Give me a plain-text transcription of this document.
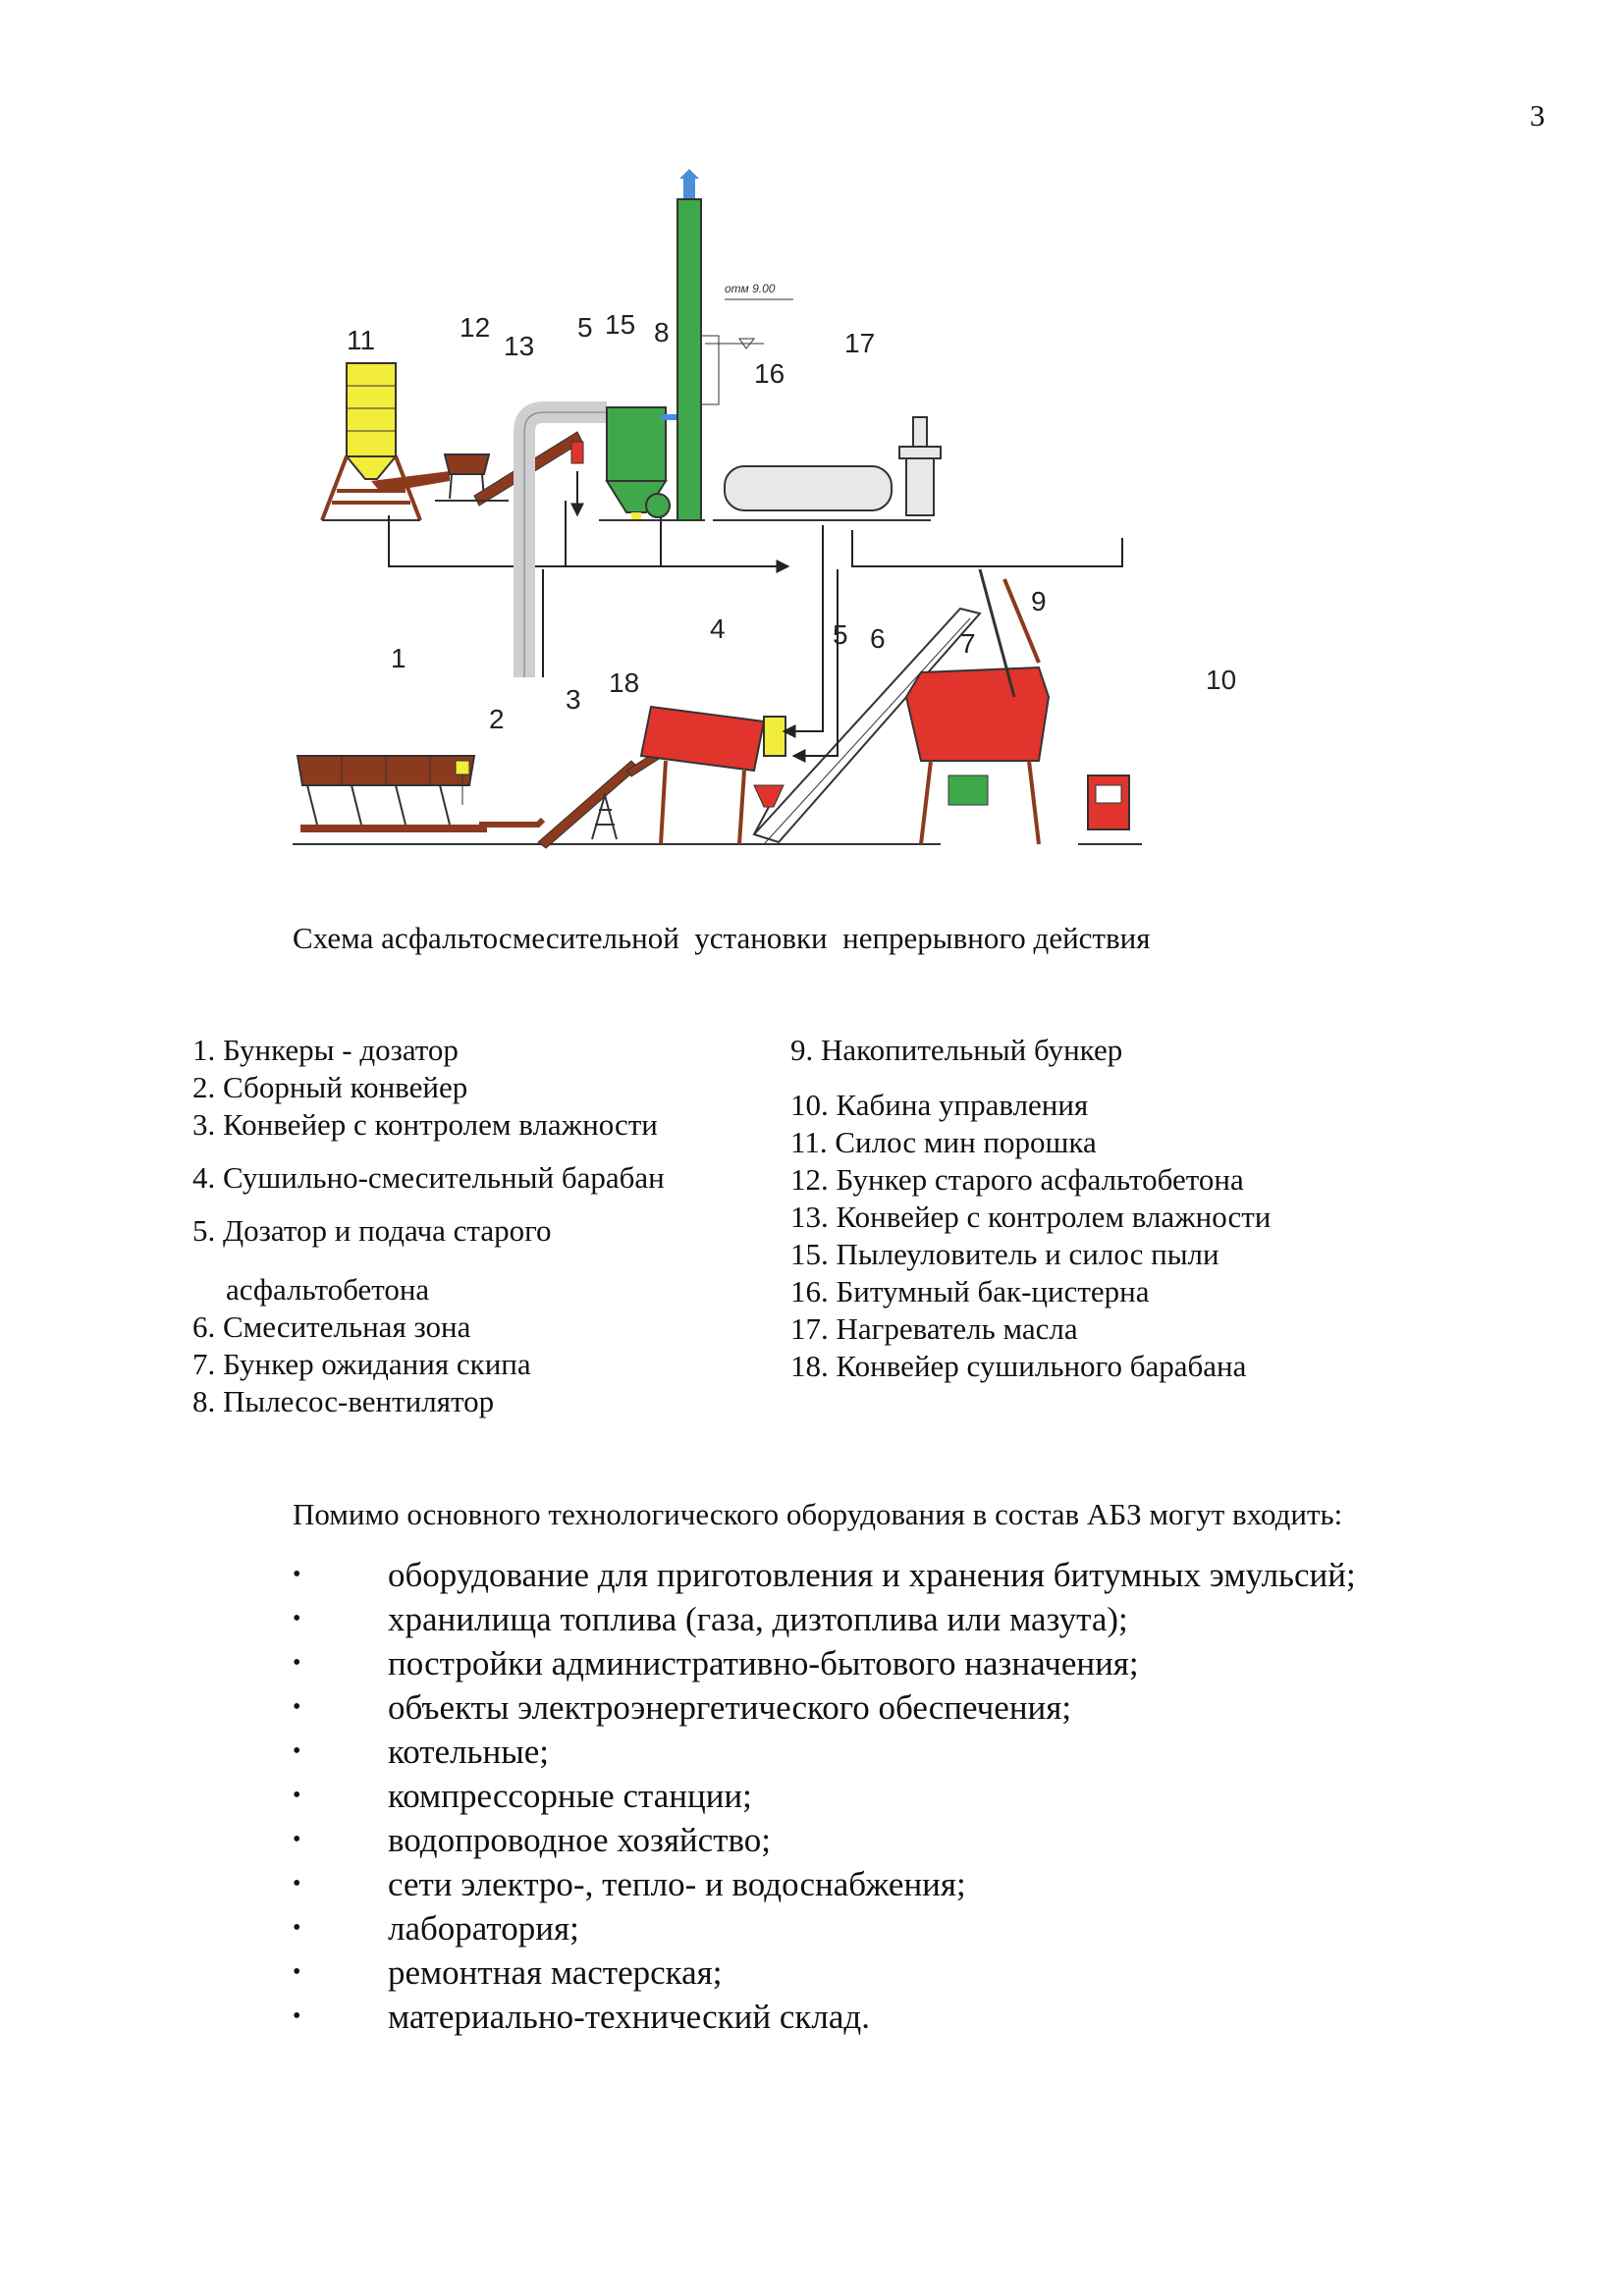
3
отм 9.00
11	12
13
5 15 8
16
17
1
2
3
18
4	5 6	7
9
10
Схема асфальтосмесительной  установки  непрерывного действия
1. Бункеры - дозатор
2. Сборный конвейер
3. Конвейер с контролем влажности
4. Сушильно-смесительный барабан
5. Дозатор и подача старого
асфальтобетона
6. Смесительная зона
7. Бункер ожидания скипа
8. Пылесос-вентилятор
9. Накопительный бункер
10. Кабина управления
11. Силос мин порошка
12. Бункер старого асфальтобетона
13. Конвейер с контролем влажности
15. Пылеуловитель и силос пыли
16. Битумный бак-цистерна
17. Нагреватель масла
18. Конвейер сушильного барабана
Помимо основного технологического оборудования в состав АБЗ могут входить:
•	оборудование для приготовления и хранения битумных эмульсий;
•	хранилища топлива (газа, дизтоплива или мазута);
•	постройки административно-бытового назначения;
•	объекты электроэнергетического обеспечения;
•	котельные;
•	компрессорные станции;
•	водопроводное хозяйство;
•	сети электро-, тепло- и водоснабжения;
•	лаборатория;
•	ремонтная мастерская;
•	материально-технический склад.
